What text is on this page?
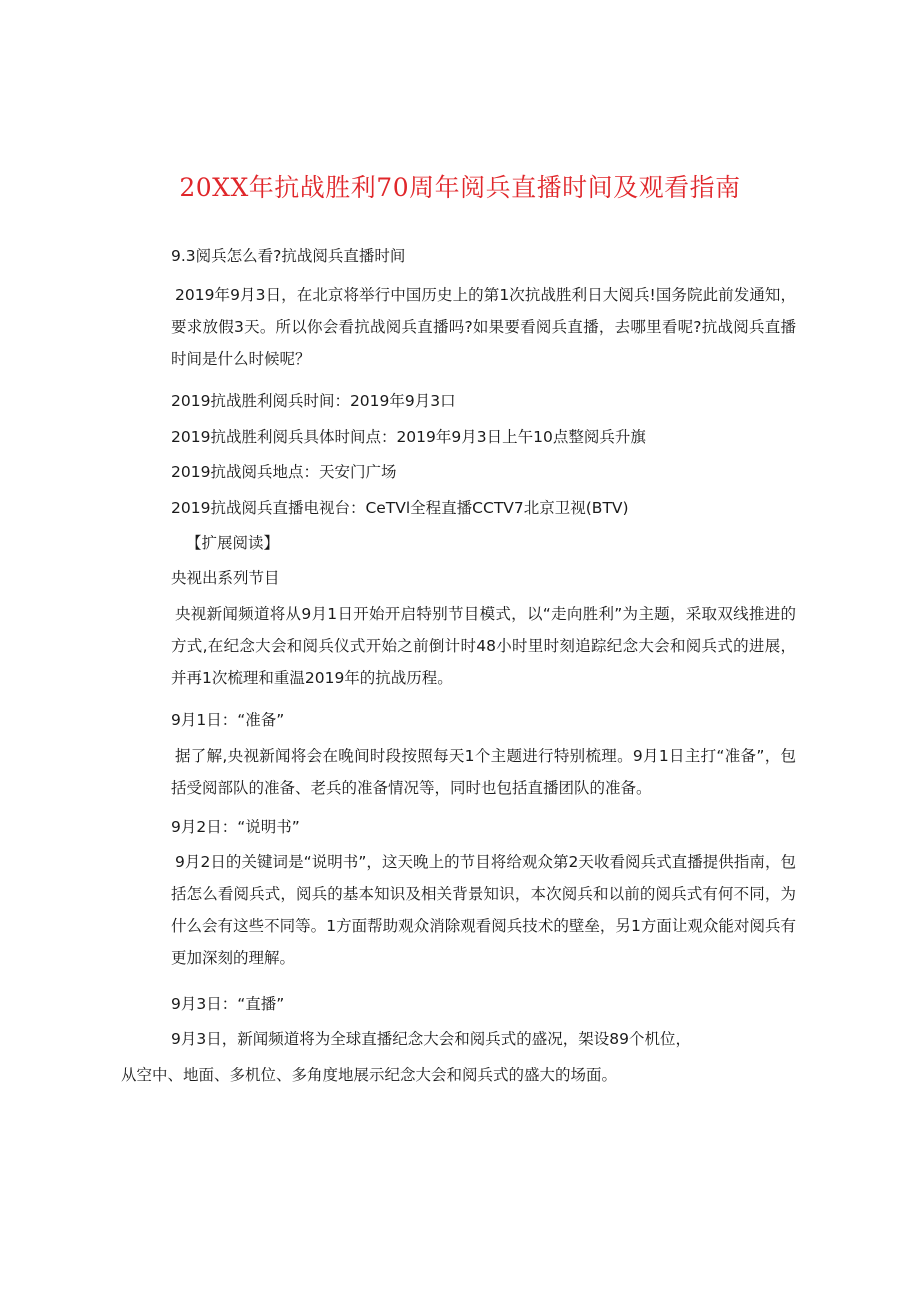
20XX年抗战胜利70周年阅兵直播时间及观看指南
9.3阅兵怎么看?抗战阅兵直播时间
2019年9月3日，在北京将举行中国历史上的第1次抗战胜利日大阅兵!国务院此前发通知，要求放假3天。所以你会看抗战阅兵直播吗?如果要看阅兵直播，去哪里看呢?抗战阅兵直播时间是什么时候呢？
2019抗战胜利阅兵时间：2019年9月3口
2019抗战胜利阅兵具体时间点：2019年9月3日上午10点整阅兵升旗
2019抗战阅兵地点：天安门广场
2019抗战阅兵直播电视台：CeTVl全程直播CCTV7北京卫视(BTV)
【扩展阅读】
央视出系列节目
央视新闻频道将从9月1日开始开启特别节目模式，以“走向胜利”为主题，采取双线推进的方式,在纪念大会和阅兵仪式开始之前倒计时48小时里时刻追踪纪念大会和阅兵式的进展，并再1次梳理和重温2019年的抗战历程。
9月1日：“准备”
据了解,央视新闻将会在晚间时段按照每天1个主题进行特别梳理。9月1日主打“准备”，包括受阅部队的准备、老兵的准备情况等，同时也包括直播团队的准备。
9月2日：“说明书”
9月2日的关键词是“说明书”，这天晚上的节目将给观众第2天收看阅兵式直播提供指南，包括怎么看阅兵式，阅兵的基本知识及相关背景知识，本次阅兵和以前的阅兵式有何不同，为什么会有这些不同等。1方面帮助观众消除观看阅兵技术的壁垒，另1方面让观众能对阅兵有更加深刻的理解。
9月3日：“直播”
9月3日，新闻频道将为全球直播纪念大会和阅兵式的盛况，架设89个机位，
从空中、地面、多机位、多角度地展示纪念大会和阅兵式的盛大的场面。
